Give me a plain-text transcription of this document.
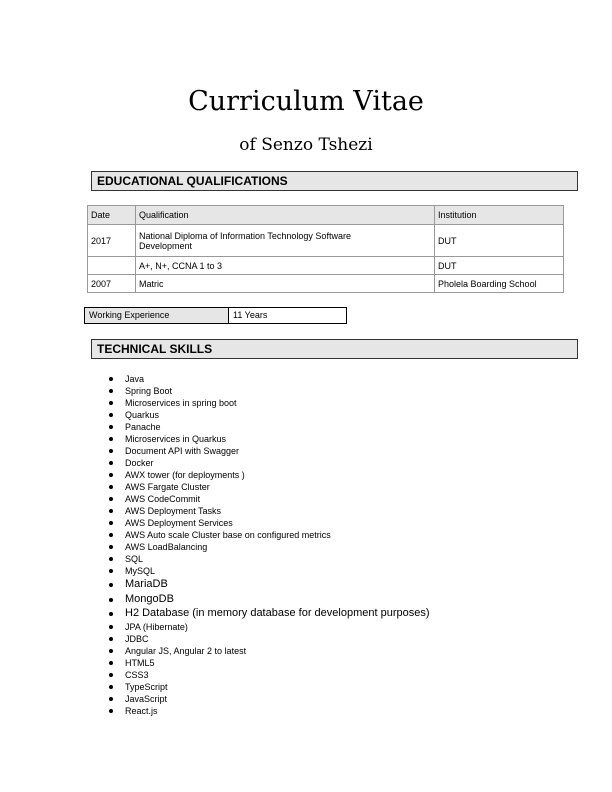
Curriculum Vitae
of Senzo Tshezi
EDUCATIONAL QUALIFICATIONS
Date	Qualification	Institution
2017	National Diploma of Information Technology Software Development	DUT
	A+, N+, CCNA 1 to 3	DUT
2007	Matric	Pholela Boarding School
Working Experience	11 Years
TECHNICAL SKILLS
Java
Spring Boot
Microservices in spring boot
Quarkus
Panache
Microservices in Quarkus
Document API with Swagger
Docker
AWX tower (for deployments )
AWS Fargate Cluster
AWS CodeCommit
AWS Deployment Tasks
AWS Deployment Services
AWS Auto scale Cluster base on configured metrics
AWS LoadBalancing
SQL
MySQL
MariaDB
MongoDB
H2 Database (in memory database for development purposes)
JPA (Hibernate)
JDBC
Angular JS, Angular 2 to latest
HTML5
CSS3
TypeScript
JavaScript
React.js
